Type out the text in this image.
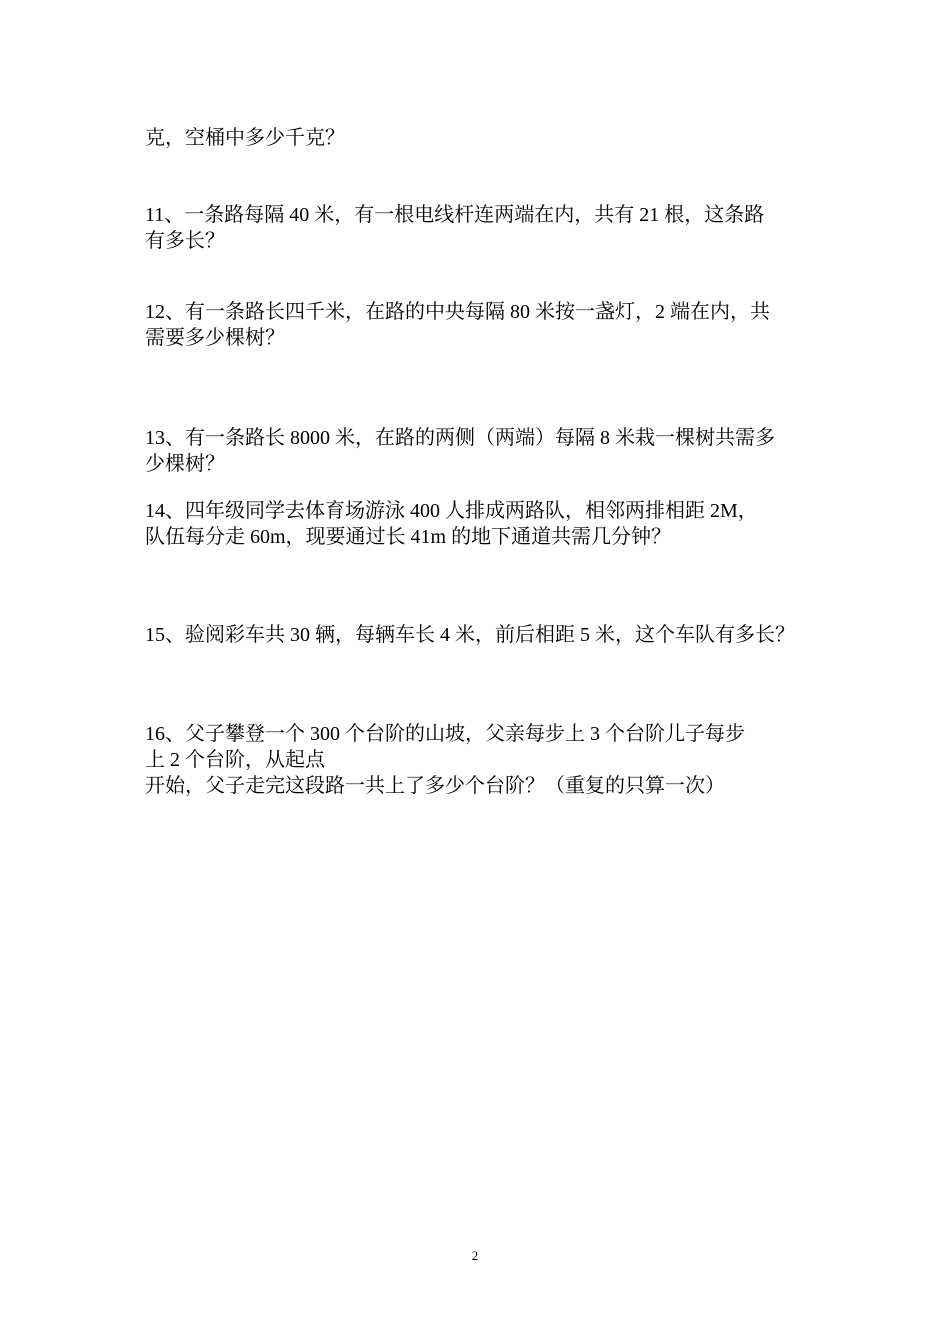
克，空桶中多少千克？
11、一条路每隔 40 米，有一根电线杆连两端在内，共有 21 根，这条路
有多长？
12、有一条路长四千米，在路的中央每隔 80 米按一盏灯，2 端在内，共
需要多少棵树？
13、有一条路长 8000 米，在路的两侧（两端）每隔 8 米栽一棵树共需多
少棵树？
14、四年级同学去体育场游泳 400 人排成两路队，相邻两排相距 2M，
队伍每分走 60m，现要通过长 41m 的地下通道共需几分钟？
15、验阅彩车共 30 辆，每辆车长 4 米，前后相距 5 米，这个车队有多长？
16、父子攀登一个 300 个台阶的山坡，父亲每步上 3 个台阶儿子每步
上 2 个台阶，从起点
开始，父子走完这段路一共上了多少个台阶？（重复的只算一次）
2
